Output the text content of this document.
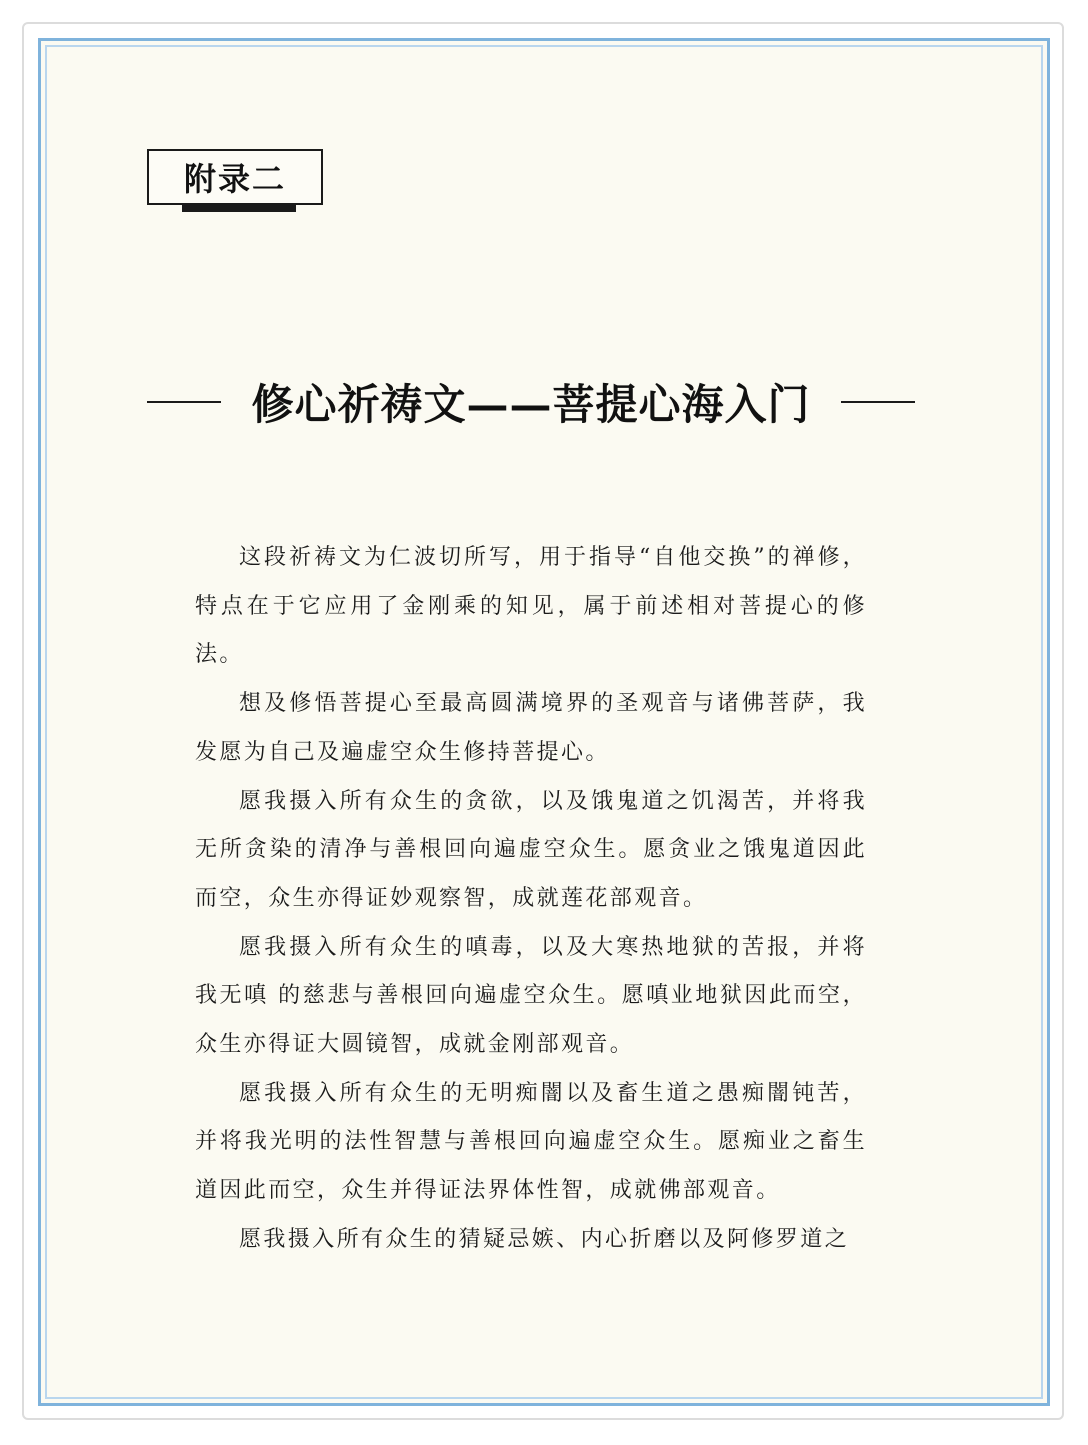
附录二
修心祈祷文——菩提心海入门

这段祈祷文为仁波切所写，用于指导“自他交换”的禅修，特点在于它应用了金刚乘的知见，属于前述相对菩提心的修法。

想及修悟菩提心至最高圆满境界的圣观音与诸佛菩萨，我发愿为自己及遍虚空众生修持菩提心。

愿我摄入所有众生的贪欲，以及饿鬼道之饥渴苦，并将我无所贪染的清净与善根回向遍虚空众生。愿贪业之饿鬼道因此而空，众生亦得证妙观察智，成就莲花部观音。

愿我摄入所有众生的嗔毒，以及大寒热地狱的苦报，并将我无嗔 的慈悲与善根回向遍虚空众生。愿嗔业地狱因此而空，众生亦得证大圆镜智，成就金刚部观音。

愿我摄入所有众生的无明痴闇以及畜生道之愚痴闇钝苦，并将我光明的法性智慧与善根回向遍虚空众生。愿痴业之畜生道因此而空，众生并得证法界体性智，成就佛部观音。

愿我摄入所有众生的猜疑忌嫉、内心折磨以及阿修罗道之
